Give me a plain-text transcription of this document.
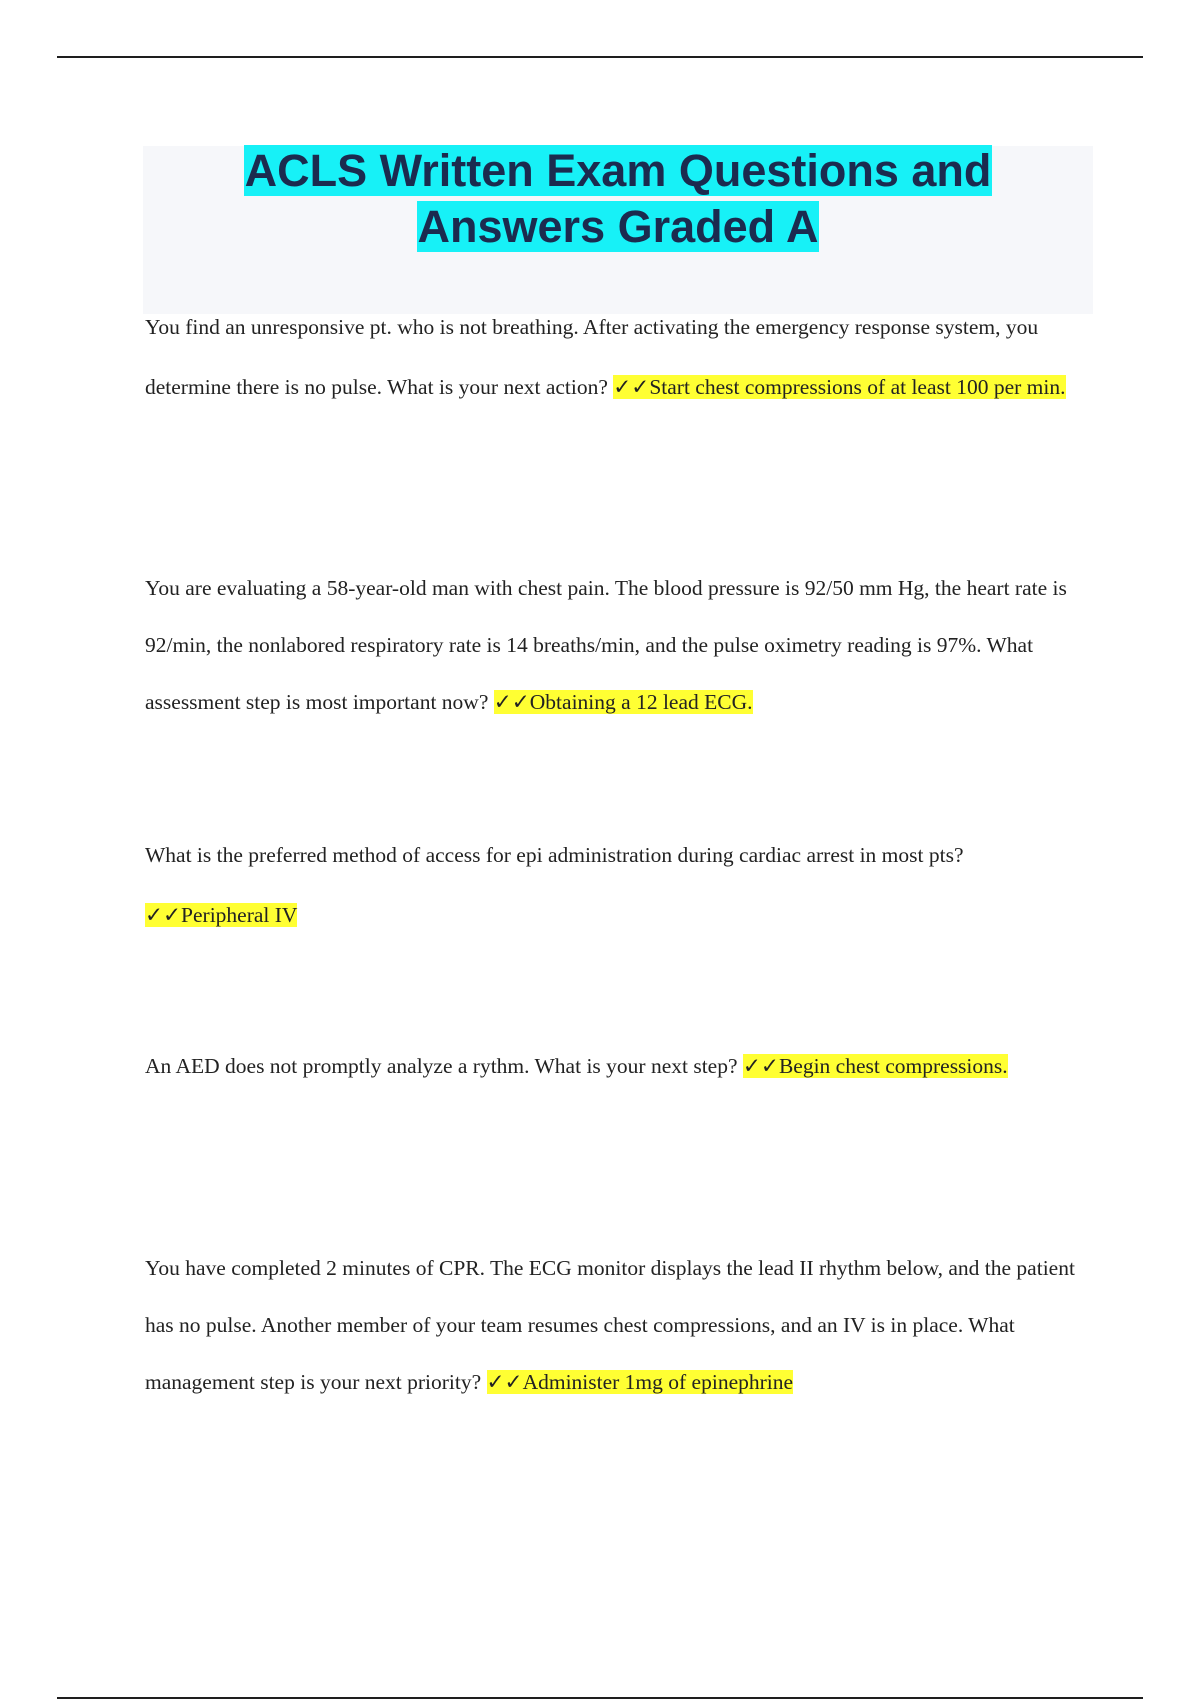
ACLS Written Exam Questions and
Answers Graded A

You find an unresponsive pt. who is not breathing. After activating the emergency response system, you determine there is no pulse. What is your next action? ✓✓Start chest compressions of at least 100 per min.

You are evaluating a 58-year-old man with chest pain. The blood pressure is 92/50 mm Hg, the heart rate is 92/min, the nonlabored respiratory rate is 14 breaths/min, and the pulse oximetry reading is 97%. What assessment step is most important now? ✓✓Obtaining a 12 lead ECG.

What is the preferred method of access for epi administration during cardiac arrest in most pts? ✓✓Peripheral IV

An AED does not promptly analyze a rythm. What is your next step? ✓✓Begin chest compressions.

You have completed 2 minutes of CPR. The ECG monitor displays the lead II rhythm below, and the patient has no pulse. Another member of your team resumes chest compressions, and an IV is in place. What management step is your next priority? ✓✓Administer 1mg of epinephrine
